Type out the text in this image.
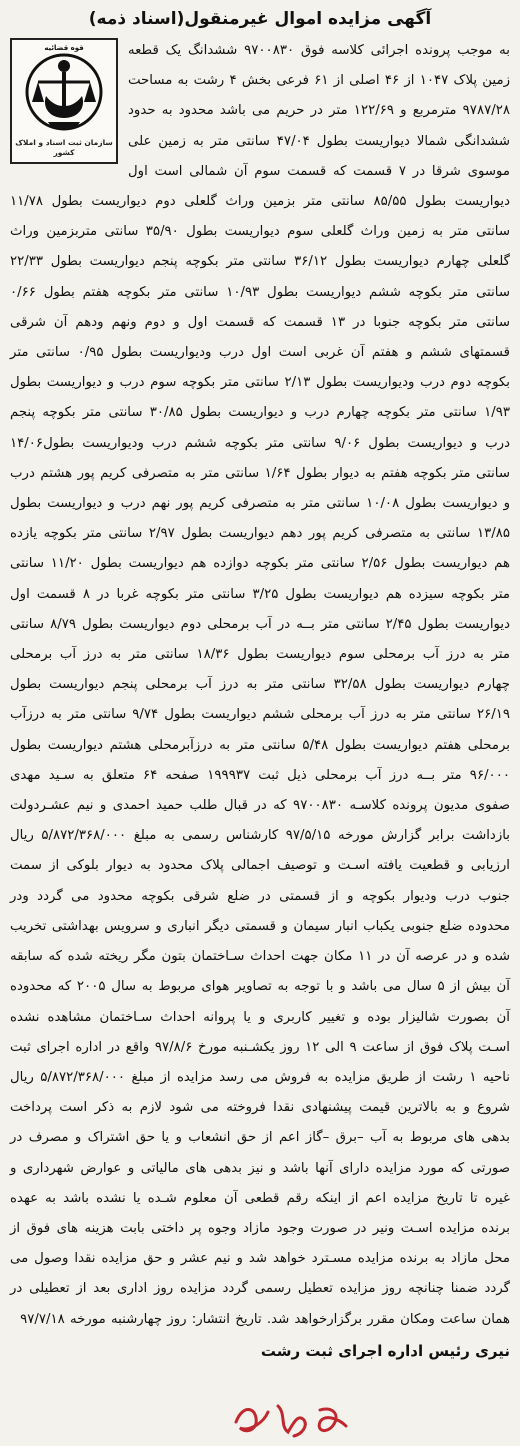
آگهی مزایده اموال غیرمنقول(اسناد ذمه)
قوه قضائیه
سازمان ثبت اسناد و املاک کشور

به موجب پرونده اجرائی کلاسه فوق ۹۷۰۰۸۳۰ ششدانگ یک قطعه زمین پلاک ۱۰۴۷ از ۴۶ اصلی از ۶۱ فرعی بخش ۴ رشت به مساحت ۹۷۸۷/۲۸ مترمربع و ۱۲۲/۶۹ متر در حریم می باشد محدود به حدود ششدانگی شمالا دیواریست بطول ۴۷/۰۴ سانتی متر به زمین علی موسوی شرقا در ۷ قسمت که قسمت سوم آن شمالی است اول دیواریست بطول ۸۵/۵۵ سانتی متر بزمین وراث گلعلی دوم دیواریست بطول ۱۱/۷۸ سانتی متر به زمین وراث گلعلی سوم دیواریست بطول ۳۵/۹۰ سانتی متربزمین وراث گلعلی چهارم دیواریست بطول ۳۶/۱۲ سانتی متر بکوچه پنجم دیواریست بطول ۲۲/۳۳ سانتی متر بکوچه ششم دیواریست بطول ۱۰/۹۳ سانتی متر بکوچه هفتم بطول ۰/۶۶ سانتی متر بکوچه جنوبا در ۱۳ قسمت که قسمت اول و دوم ونهم ودهم آن شرقی قسمتهای ششم و هفتم آن غربی است اول درب ودیواریست بطول ۰/۹۵ سانتی متر بکوچه دوم درب ودیواریست بطول ۲/۱۳ سانتی متر بکوچه سوم درب و دیواریست بطول ۱/۹۳ سانتی متر بکوچه چهارم درب و دیواریست بطول ۳۰/۸۵ سانتی متر بکوچه پنجم درب و دیواریست بطول ۹/۰۶ سانتی متر بکوچه ششم درب ودیواریست بطول۱۴/۰۶ سانتی متر بکوچه هفتم به دیوار بطول ۱/۶۴ سانتی متر به متصرفی کریم پور هشتم درب و دیواریست بطول ۱۰/۰۸ سانتی متر به متصرفی کریم پور نهم درب و دیواریست بطول ۱۳/۸۵ سانتی به متصرفی کریم پور دهم دیواریست بطول ۲/۹۷ سانتی متر بکوچه یازده هم دیواریست بطول ۲/۵۶ سانتی متر بکوچه دوازده هم دیواریست بطول ۱۱/۲۰ سانتی متر بکوچه سیزده هم دیواریست بطول ۳/۲۵ سانتی متر بکوچه غربا در ۸ قسمت اول دیواریست بطول ۲/۴۵ سانتی متر بــه در آب برمحلی دوم دیواریست بطول ۸/۷۹ سانتی متر به درز آب برمحلی سوم دیواریست بطول ۱۸/۳۶ سانتی متر به درز آب برمحلی چهارم دیواریست بطول ۳۲/۵۸ سانتی متر به درز آب برمحلی پنجم دیواریست بطول ۲۶/۱۹ سانتی متر به درز آب برمحلی ششم دیواریست بطول ۹/۷۴ سانتی متر به درزآب برمحلی هفتم دیواریست بطول ۵/۴۸ سانتی متر به درزآبرمحلی هشتم دیواریست بطول ۹۶/۰۰۰ متر بــه درز آب برمحلی ذیل ثبت ۱۹۹۹۳۷ صفحه ۶۴ متعلق به سـید مهدی صفوی مدیون پرونده کلاسـه ۹۷۰۰۸۳۰ که در قبال طلب حمید احمدی و نیم عشـردولت بازداشت برابر گزارش مورخه ۹۷/۵/۱۵ کارشناس رسمی به مبلغ ۵/۸۷۲/۳۶۸/۰۰۰ ریال ارزیابی و قطعیت یافته اسـت و توصیف اجمالی پلاک محدود به دیوار بلوکی از سمت جنوب درب ودیوار بکوچه و از قسمتی در ضلع شرقی بکوچه محدود می گردد ودر محدوده ضلع جنوبی یکباب انبار سیمان و قسمتی دیگر انباری و سرویس بهداشتی تخریب شده و در عرصه آن در ۱۱ مکان جهت احداث سـاختمان بتون مگر ریخته شده که سابقه آن بیش از ۵ سال می باشد و با توجه به تصاویر هوای مربوط به سال ۲۰۰۵ که محدوده آن بصورت شالیزار بوده و تغییر کاربری و یا پروانه احداث سـاختمان مشاهده نشده اسـت پلاک فوق از ساعت ۹ الی ۱۲ روز یکشـنبه مورخ ۹۷/۸/۶ واقع در اداره اجرای ثبت ناحیه ۱ رشت از طریق مزایده به فروش می رسد مزایده از مبلغ ۵/۸۷۲/۳۶۸/۰۰۰ ریال شروع و به بالاترین قیمت پیشنهادی نقدا فروخته می شود لازم به ذکر است پرداخت بدهی های مربوط به آب –برق –گاز اعم از حق انشعاب و یا حق اشتراک و مصرف در صورتی که مورد مزایده دارای آنها باشد و نیز بدهی های مالیاتی و عوارض شهرداری و غیره تا تاریخ مزایده اعم از اینکه رقم قطعی آن معلوم شـده یا نشده باشد به عهده برنده مزایده اسـت ونیر در صورت وجود مازاد وجوه پر داختی بابت هزینه های فوق از محل مازاد به برنده مزایده مسـترد خواهد شد و نیم عشر و حق مزایده نقدا وصول می گردد ضمنا چنانچه روز مزایده تعطیل رسمی گردد مزایده روز اداری بعد از تعطیلی در همان ساعت ومکان مقرر برگزارخواهد شد. تاریخ انتشار: روز چهارشنبه مورخه ۹۷/۷/۱۸

نیری رئیس اداره اجرای ثبت رشت
